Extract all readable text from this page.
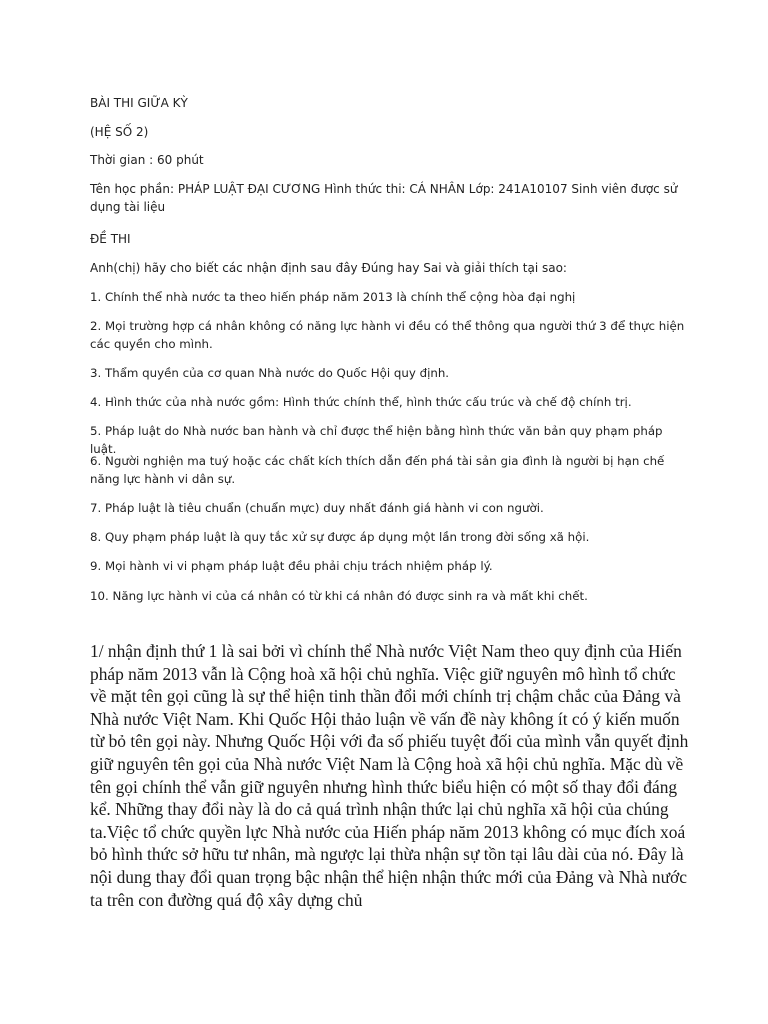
BÀI THI GIỮA KỲ

(HỆ SỐ 2)

Thời gian : 60 phút

Tên học phần: PHÁP LUẬT ĐẠI CƯƠNG Hình thức thi: CÁ NHÂN Lớp: 241A10107 Sinh viên được sử dụng tài liệu

ĐỀ THI

Anh(chị) hãy cho biết các nhận định sau đây Đúng hay Sai và giải thích tại sao:

1. Chính thể nhà nước ta theo hiến pháp năm 2013 là chính thể cộng hòa đại nghị

2. Mọi trường hợp cá nhân không có năng lực hành vi đều có thể thông qua người thứ 3 để thực hiện các quyền cho mình.

3. Thẩm quyền của cơ quan Nhà nước do Quốc Hội quy định.

4. Hình thức của nhà nước gồm: Hình thức chính thể, hình thức cấu trúc và chế độ chính trị.

5. Pháp luật do Nhà nước ban hành và chỉ được thể hiện bằng hình thức văn bản quy phạm pháp luật.

6. Người nghiện ma tuý hoặc các chất kích thích dẫn đến phá tài sản gia đình là người bị hạn chế năng lực hành vi dân sự.

7. Pháp luật là tiêu chuẩn (chuẩn mực) duy nhất đánh giá hành vi con người.

8. Quy phạm pháp luật là quy tắc xử sự được áp dụng một lần trong đời sống xã hội.

9. Mọi hành vi vi phạm pháp luật đều phải chịu trách nhiệm pháp lý.

10. Năng lực hành vi của cá nhân có từ khi cá nhân đó được sinh ra và mất khi chết.

1/ nhận định thứ 1 là sai bởi vì chính thể Nhà nước Việt Nam theo quy định của Hiến pháp năm 2013 vẫn là Cộng hoà xã hội chủ nghĩa. Việc giữ nguyên mô hình tổ chức về mặt tên gọi cũng là sự thể hiện tinh thần đổi mới chính trị chậm chắc của Đảng và Nhà nước Việt Nam. Khi Quốc Hội thảo luận về vấn đề này không ít có ý kiến muốn từ bỏ tên gọi này. Nhưng Quốc Hội với đa số phiếu tuyệt đối của mình vẫn quyết định giữ nguyên tên gọi của Nhà nước Việt Nam là Cộng hoà xã hội chủ nghĩa. Mặc dù về tên gọi chính thể vẫn giữ nguyên nhưng hình thức biểu hiện có một số thay đổi đáng kể. Những thay đổi này là do cả quá trình nhận thức lại chủ nghĩa xã hội của chúng ta.Việc tổ chức quyền lực Nhà nước của Hiến pháp năm 2013 không có mục đích xoá bỏ hình thức sở hữu tư nhân, mà ngược lại thừa nhận sự tồn tại lâu dài của nó. Đây là nội dung thay đổi quan trọng bậc nhận thể hiện nhận thức mới của Đảng và Nhà nước ta trên con đường quá độ xây dựng chủ
